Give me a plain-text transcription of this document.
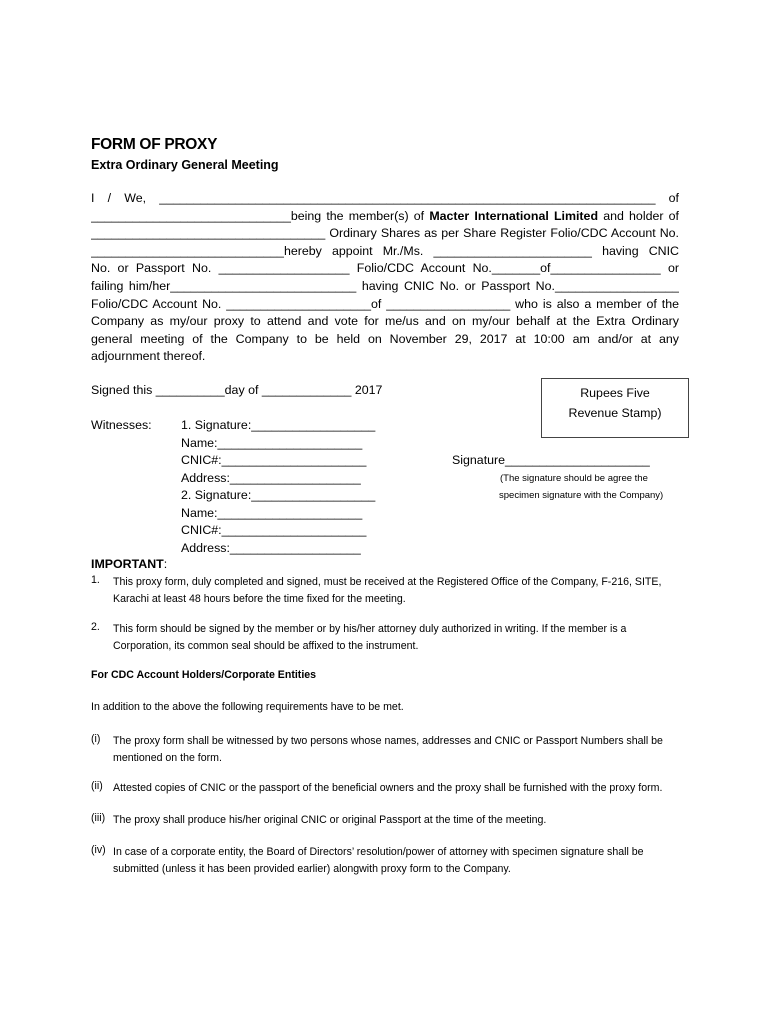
FORM OF PROXY
Extra Ordinary General Meeting
I / We, ________________________________________________________________________ of
_____________________________being the member(s) of Macter International Limited and holder of
__________________________________ Ordinary Shares as per Share Register Folio/CDC Account No.
____________________________hereby appoint Mr./Ms. _______________________ having CNIC
No. or Passport No. ___________________ Folio/CDC Account No._______of________________ or
failing him/her___________________________ having CNIC No. or Passport No.__________________
Folio/CDC Account No. _____________________of __________________ who is also a member of the
Company as my/our proxy to attend and vote for me/us and on my/our behalf at the Extra Ordinary
general meeting of the Company to be held on November 29, 2017 at 10:00 am and/or at any
adjournment thereof.
Signed this __________day of _____________ 2017	Rupees Five Revenue Stamp)
Witnesses: 1. Signature:__________________
Name:_____________________
CNIC#:_____________________
Address:___________________
2. Signature:__________________
Name:_____________________
CNIC#:_____________________
Address:___________________
Signature_____________________
(The signature should be agree the
specimen signature with the Company)
IMPORTANT:
1. This proxy form, duly completed and signed, must be received at the Registered Office of the Company, F-216, SITE, Karachi at least 48 hours before the time fixed for the meeting.
2. This form should be signed by the member or by his/her attorney duly authorized in writing. If the member is a Corporation, its common seal should be affixed to the instrument.
For CDC Account Holders/Corporate Entities
In addition to the above the following requirements have to be met.
(i) The proxy form shall be witnessed by two persons whose names, addresses and CNIC or Passport Numbers shall be mentioned on the form.
(ii) Attested copies of CNIC or the passport of the beneficial owners and the proxy shall be furnished with the proxy form.
(iii) The proxy shall produce his/her original CNIC or original Passport at the time of the meeting.
(iv) In case of a corporate entity, the Board of Directors’ resolution/power of attorney with specimen signature shall be submitted (unless it has been provided earlier) alongwith proxy form to the Company.
